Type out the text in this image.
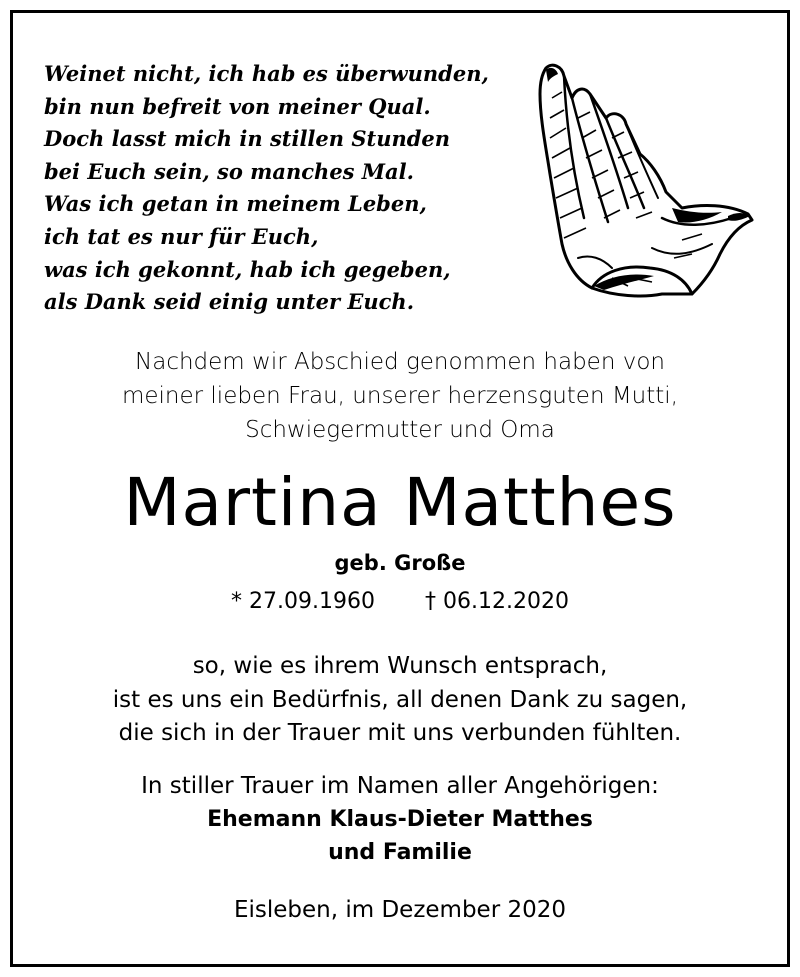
Weinet nicht, ich hab es überwunden,
bin nun befreit von meiner Qual.
Doch lasst mich in stillen Stunden
bei Euch sein, so manches Mal.
Was ich getan in meinem Leben,
ich tat es nur für Euch,
was ich gekonnt, hab ich gegeben,
als Dank seid einig unter Euch.
Nachdem wir Abschied genommen haben von
meiner lieben Frau, unserer herzensguten Mutti,
Schwiegermutter und Oma
Martina Matthes
geb. Große
* 27.09.1960 † 06.12.2020
so, wie es ihrem Wunsch entsprach,
ist es uns ein Bedürfnis, all denen Dank zu sagen,
die sich in der Trauer mit uns verbunden fühlten.
In stiller Trauer im Namen aller Angehörigen:
Ehemann Klaus-Dieter Matthes
und Familie
Eisleben, im Dezember 2020
